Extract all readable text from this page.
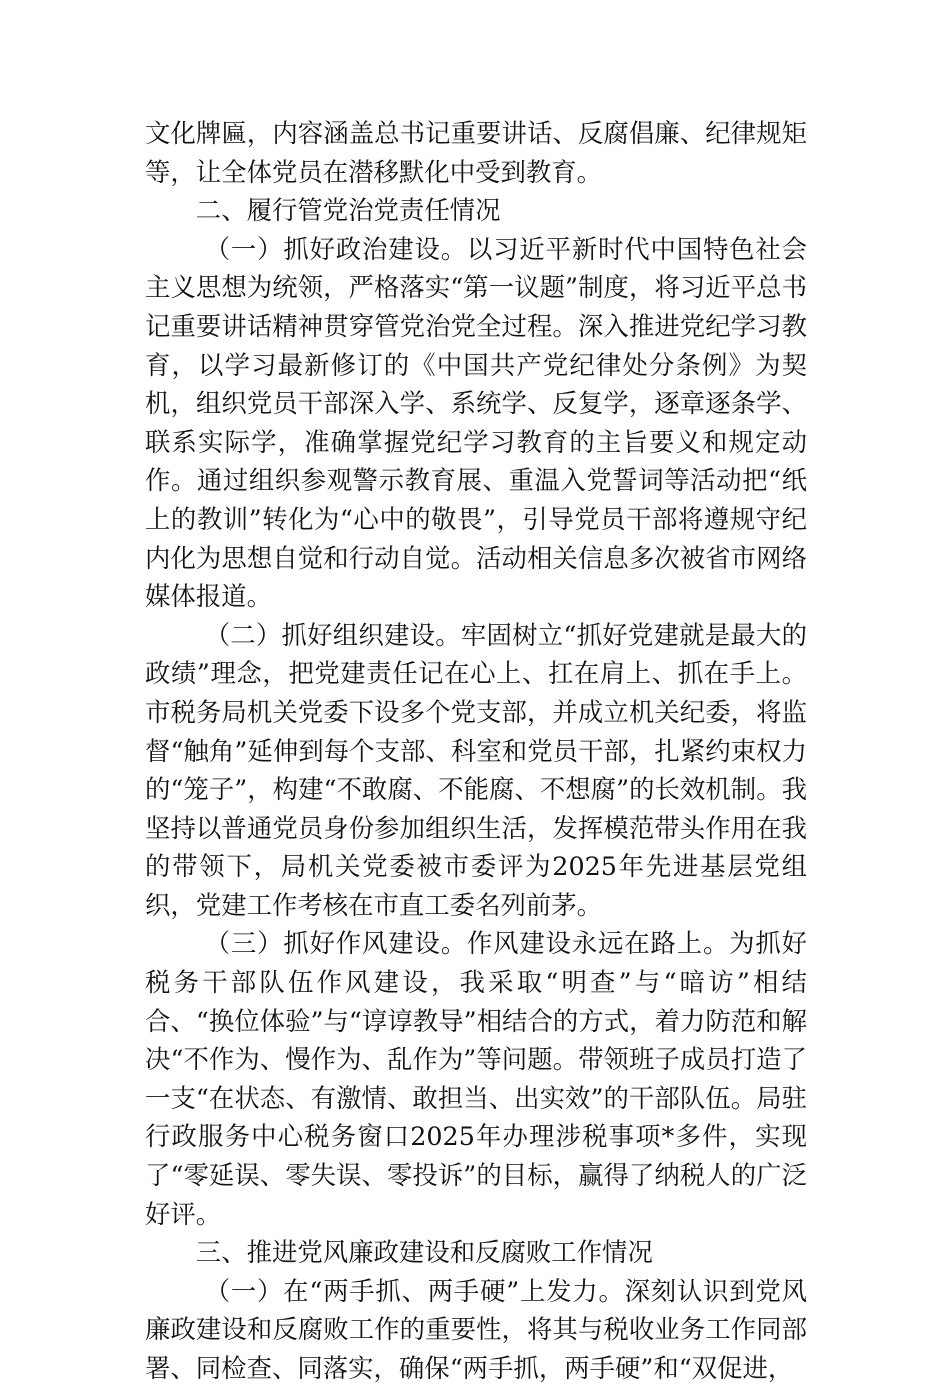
文化牌匾，内容涵盖总书记重要讲话、反腐倡廉、纪律规矩等，让全体党员在潜移默化中受到教育。

二、履行管党治党责任情况

（一）抓好政治建设。以习近平新时代中国特色社会主义思想为统领，严格落实“第一议题”制度，将习近平总书记重要讲话精神贯穿管党治党全过程。深入推进党纪学习教育，以学习最新修订的《中国共产党纪律处分条例》为契机，组织党员干部深入学、系统学、反复学，逐章逐条学、联系实际学，准确掌握党纪学习教育的主旨要义和规定动作。通过组织参观警示教育展、重温入党誓词等活动把“纸上的教训”转化为“心中的敬畏”，引导党员干部将遵规守纪内化为思想自觉和行动自觉。活动相关信息多次被省市网络媒体报道。

（二）抓好组织建设。牢固树立“抓好党建就是最大的政绩”理念，把党建责任记在心上、扛在肩上、抓在手上。市税务局机关党委下设多个党支部，并成立机关纪委，将监督“触角”延伸到每个支部、科室和党员干部，扎紧约束权力的“笼子”，构建“不敢腐、不能腐、不想腐”的长效机制。我坚持以普通党员身份参加组织生活，发挥模范带头作用在我的带领下，局机关党委被市委评为2025年先进基层党组织，党建工作考核在市直工委名列前茅。

（三）抓好作风建设。作风建设永远在路上。为抓好税务干部队伍作风建设，我采取“明查”与“暗访”相结合、“换位体验”与“谆谆教导”相结合的方式，着力防范和解决“不作为、慢作为、乱作为”等问题。带领班子成员打造了一支“在状态、有激情、敢担当、出实效”的干部队伍。局驻行政服务中心税务窗口2025年办理涉税事项*多件，实现了“零延误、零失误、零投诉”的目标，赢得了纳税人的广泛好评。

三、推进党风廉政建设和反腐败工作情况

（一）在“两手抓、两手硬”上发力。深刻认识到党风廉政建设和反腐败工作的重要性，将其与税收业务工作同部署、同检查、同落实，确保“两手抓，两手硬”和“双促进，
